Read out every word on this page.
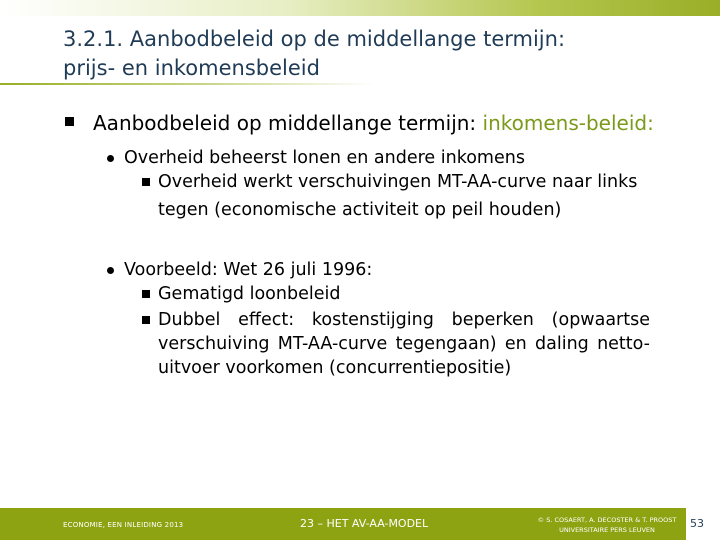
3.2.1. Aanbodbeleid op de middellange termijn:
prijs- en inkomensbeleid
Aanbodbeleid op middellange termijn: inkomens-beleid:
Overheid beheerst lonen en andere inkomens
Overheid werkt verschuivingen MT-AA-curve naar links
tegen (economische activiteit op peil houden)
Voorbeeld: Wet 26 juli 1996:
Gematigd loonbeleid
Dubbel effect: kostenstijging beperken (opwaartse verschuiving MT-AA-curve tegengaan) en daling netto-uitvoer voorkomen (concurrentiepositie)
ECONOMIE, EEN INLEIDING 2013	23 – HET AV-AA-MODEL	© S. COSAERT, A. DECOSTER & T. PROOST
UNIVERSITAIRE PERS LEUVEN	53
